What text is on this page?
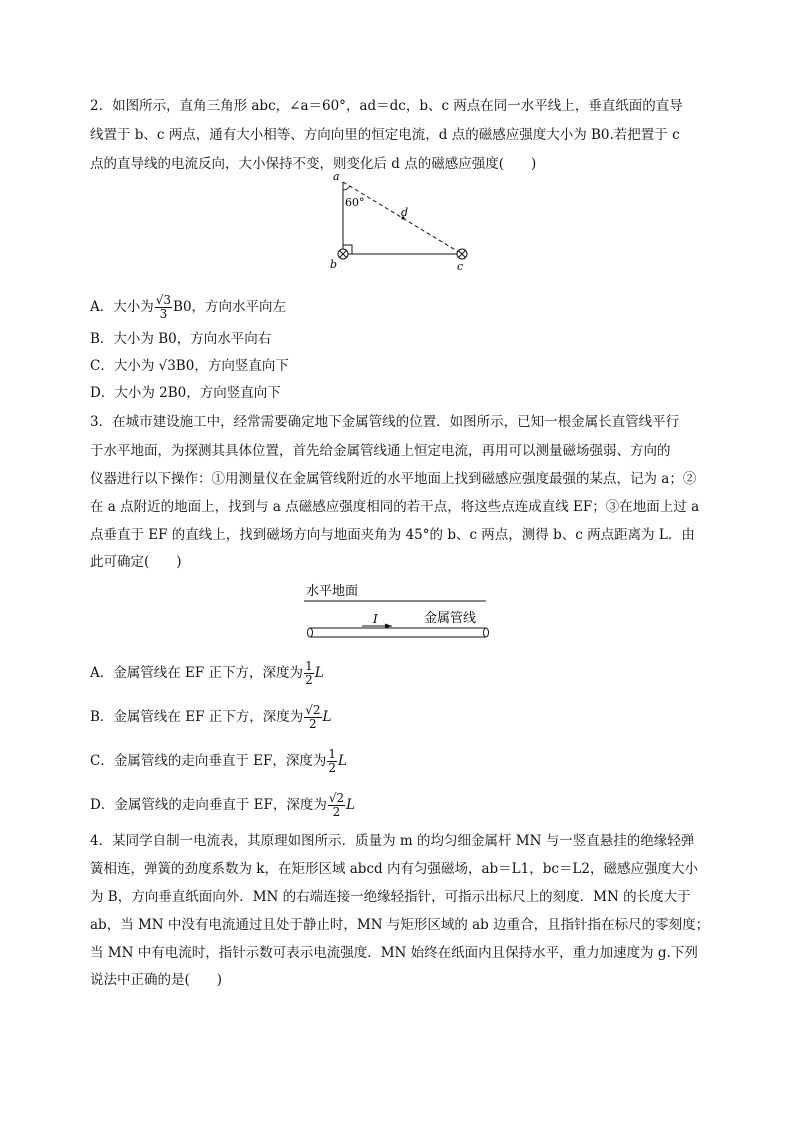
2．如图所示，直角三角形 abc，∠a＝60°，ad＝dc，b、c 两点在同一水平线上，垂直纸面的直导
线置于 b、c 两点，通有大小相等、方向向里的恒定电流，d 点的磁感应强度大小为 B0.若把置于 c
点的直导线的电流反向，大小保持不变，则变化后 d 点的磁感应强度(　　)
a
60°
d
b	c
A．大小为 $\frac{√3}{3} B0$，方向水平向左
B．大小为 B0，方向水平向右
C．大小为 √3B0，方向竖直向下
D．大小为 2B0，方向竖直向下
3．在城市建设施工中，经常需要确定地下金属管线的位置．如图所示，已知一根金属长直管线平行
于水平地面，为探测其具体位置，首先给金属管线通上恒定电流，再用可以测量磁场强弱、方向的
仪器进行以下操作：①用测量仪在金属管线附近的水平地面上找到磁感应强度最强的某点，记为 a；②
在 a 点附近的地面上，找到与 a 点磁感应强度相同的若干点，将这些点连成直线 EF；③在地面上过 a
点垂直于 EF 的直线上，找到磁场方向与地面夹角为 45°的 b、c 两点，测得 b、c 两点距离为 L．由
此可确定(　　)
水平地面
I	金属管线
A．金属管线在 EF 正下方，深度为 $\frac{1}{2}$ L
B．金属管线在 EF 正下方，深度为 $\frac{√2}{2}$ L
C．金属管线的走向垂直于 EF，深度为 $\frac{1}{2}$ L
D．金属管线的走向垂直于 EF，深度为 $\frac{√2}{2}$ L
4．某同学自制一电流表，其原理如图所示．质量为 m 的均匀细金属杆 MN 与一竖直悬挂的绝缘轻弹
簧相连，弹簧的劲度系数为 k，在矩形区域 abcd 内有匀强磁场，ab＝L1，bc＝L2，磁感应强度大小
为 B，方向垂直纸面向外．MN 的右端连接一绝缘轻指针，可指示出标尺上的刻度．MN 的长度大于
ab，当 MN 中没有电流通过且处于静止时，MN 与矩形区域的 ab 边重合，且指针指在标尺的零刻度；
当 MN 中有电流时，指针示数可表示电流强度．MN 始终在纸面内且保持水平，重力加速度为 g.下列
说法中正确的是(　　)
